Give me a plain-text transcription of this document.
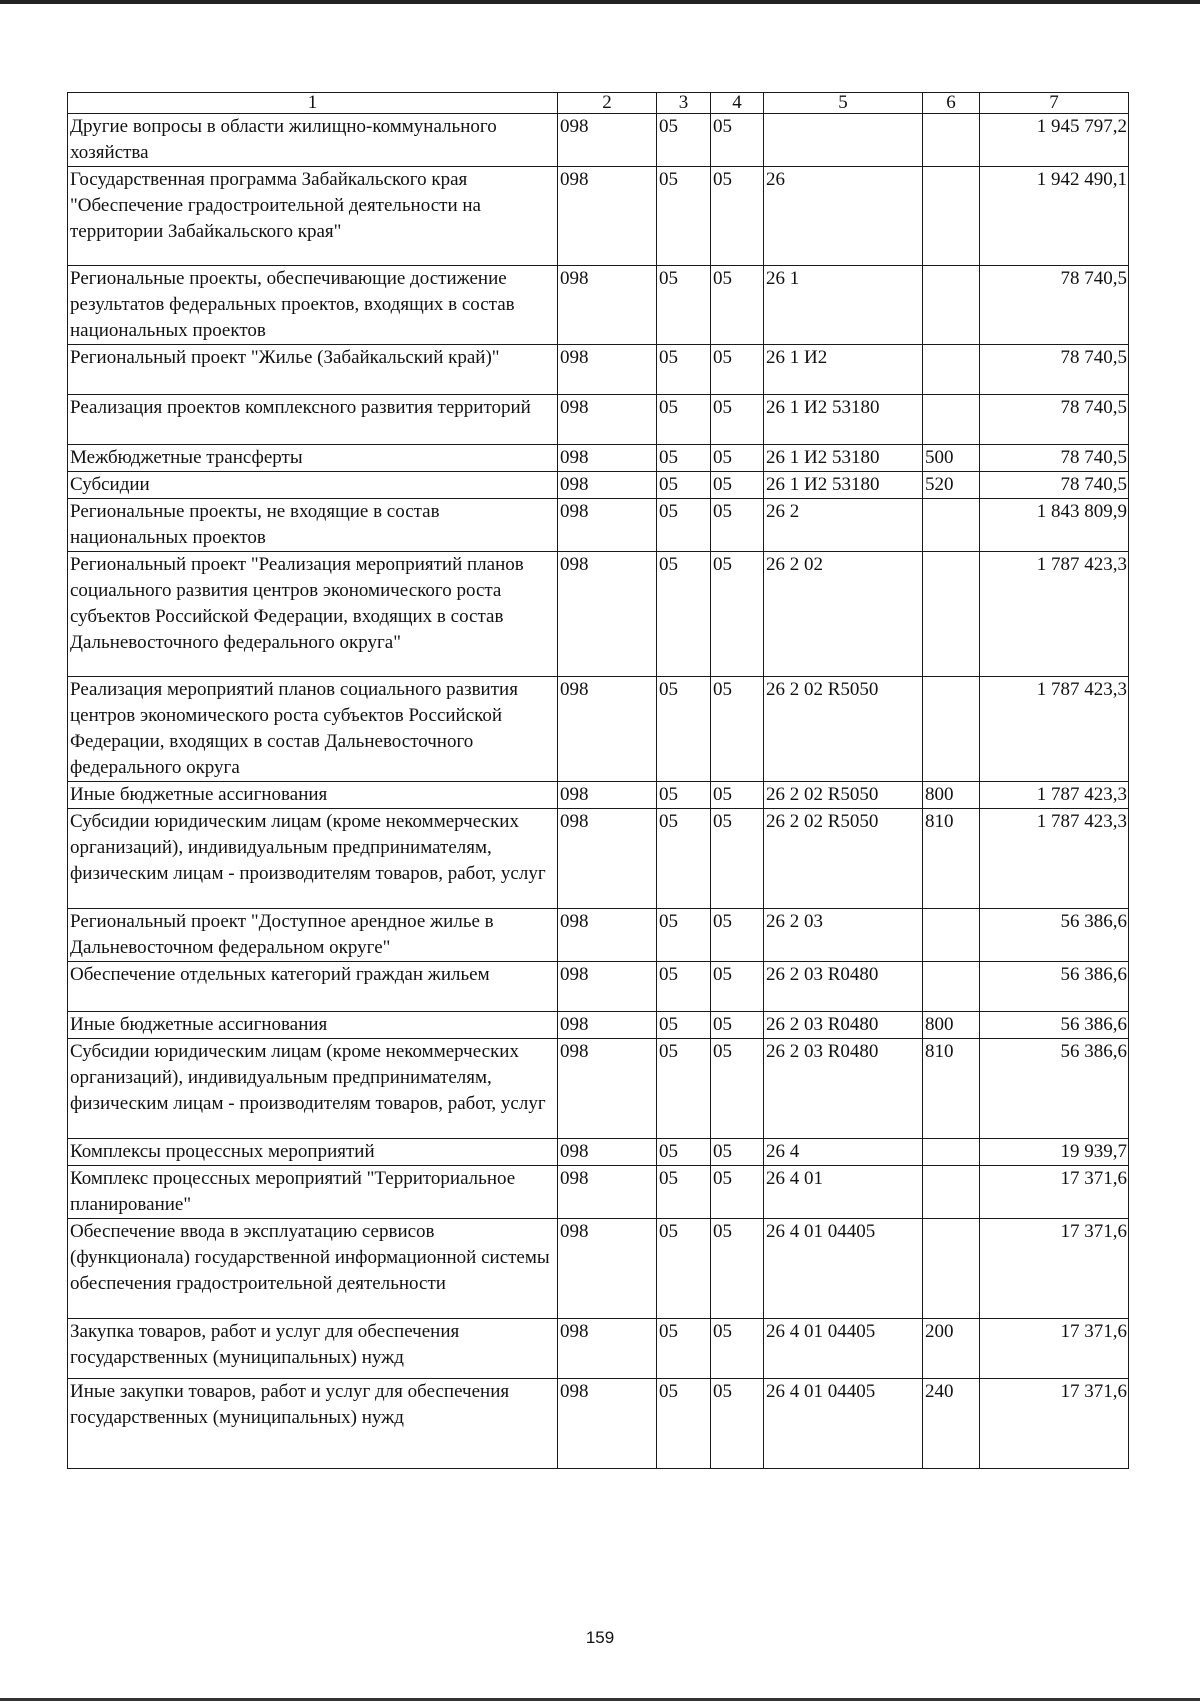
1	2	3	4	5	6	7
Другие вопросы в области жилищно-коммунального хозяйства	098	05	05			1 945 797,2
Государственная программа Забайкальского края "Обеспечение градостроительной деятельности на территории Забайкальского края"	098	05	05	26		1 942 490,1
Региональные проекты, обеспечивающие достижение результатов федеральных проектов, входящих в состав национальных проектов	098	05	05	26 1		78 740,5
Региональный проект "Жилье (Забайкальский край)"	098	05	05	26 1 И2		78 740,5
Реализация проектов комплексного развития территорий	098	05	05	26 1 И2 53180		78 740,5
Межбюджетные трансферты	098	05	05	26 1 И2 53180	500	78 740,5
Субсидии	098	05	05	26 1 И2 53180	520	78 740,5
Региональные проекты, не входящие в состав национальных проектов	098	05	05	26 2		1 843 809,9
Региональный проект "Реализация мероприятий планов социального развития центров экономического роста субъектов Российской Федерации, входящих в состав Дальневосточного федерального округа"	098	05	05	26 2 02		1 787 423,3
Реализация мероприятий планов социального развития центров экономического роста субъектов Российской Федерации, входящих в состав Дальневосточного федерального округа	098	05	05	26 2 02 R5050		1 787 423,3
Иные бюджетные ассигнования	098	05	05	26 2 02 R5050	800	1 787 423,3
Субсидии юридическим лицам (кроме некоммерческих организаций), индивидуальным предпринимателям, физическим лицам - производителям товаров, работ, услуг	098	05	05	26 2 02 R5050	810	1 787 423,3
Региональный проект "Доступное арендное жилье в Дальневосточном федеральном округе"	098	05	05	26 2 03		56 386,6
Обеспечение отдельных категорий граждан жильем	098	05	05	26 2 03 R0480		56 386,6
Иные бюджетные ассигнования	098	05	05	26 2 03 R0480	800	56 386,6
Субсидии юридическим лицам (кроме некоммерческих организаций), индивидуальным предпринимателям, физическим лицам - производителям товаров, работ, услуг	098	05	05	26 2 03 R0480	810	56 386,6
Комплексы процессных мероприятий	098	05	05	26 4		19 939,7
Комплекс процессных мероприятий "Территориальное планирование"	098	05	05	26 4 01		17 371,6
Обеспечение ввода в эксплуатацию сервисов (функционала) государственной информационной системы обеспечения градостроительной деятельности	098	05	05	26 4 01 04405		17 371,6
Закупка товаров, работ и услуг для обеспечения государственных (муниципальных) нужд	098	05	05	26 4 01 04405	200	17 371,6
Иные закупки товаров, работ и услуг для обеспечения государственных (муниципальных) нужд	098	05	05	26 4 01 04405	240	17 371,6
159
